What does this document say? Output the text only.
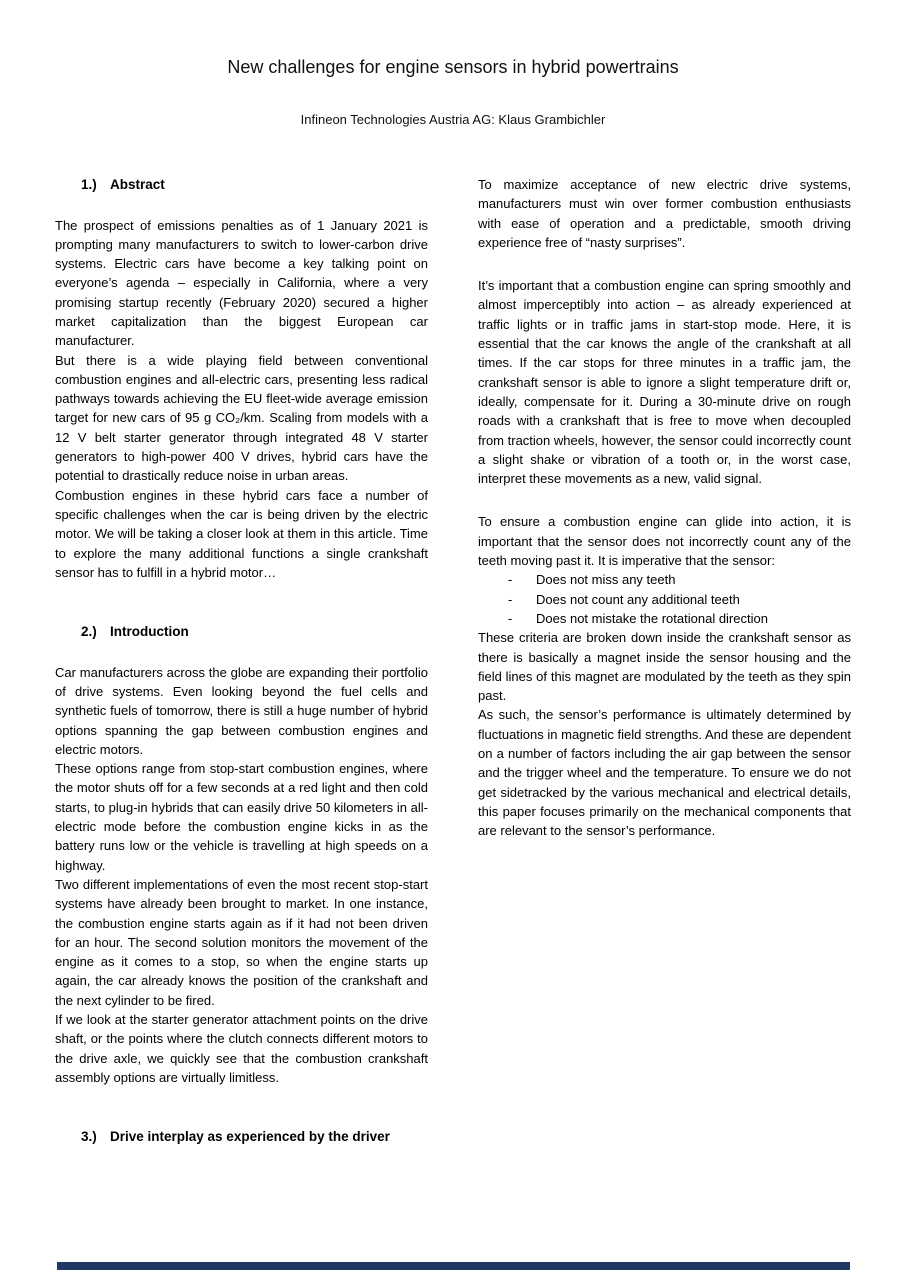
New challenges for engine sensors in hybrid powertrains
Infineon Technologies Austria AG: Klaus Grambichler
1.) Abstract

The prospect of emissions penalties as of 1 January 2021 is prompting many manufacturers to switch to lower-carbon drive systems. Electric cars have become a key talking point on everyone’s agenda – especially in California, where a very promising startup recently (February 2020) secured a higher market capitalization than the biggest European car manufacturer.

But there is a wide playing field between conventional combustion engines and all-electric cars, presenting less radical pathways towards achieving the EU fleet-wide average emission target for new cars of 95 g CO₂/km. Scaling from models with a 12 V belt starter generator through integrated 48 V starter generators to high-power 400 V drives, hybrid cars have the potential to drastically reduce noise in urban areas.

Combustion engines in these hybrid cars face a number of specific challenges when the car is being driven by the electric motor. We will be taking a closer look at them in this article. Time to explore the many additional functions a single crankshaft sensor has to fulfill in a hybrid motor…

2.) Introduction

Car manufacturers across the globe are expanding their portfolio of drive systems. Even looking beyond the fuel cells and synthetic fuels of tomorrow, there is still a huge number of hybrid options spanning the gap between combustion engines and electric motors.

These options range from stop-start combustion engines, where the motor shuts off for a few seconds at a red light and then cold starts, to plug-in hybrids that can easily drive 50 kilometers in all-electric mode before the combustion engine kicks in as the battery runs low or the vehicle is travelling at high speeds on a highway.

Two different implementations of even the most recent stop-start systems have already been brought to market. In one instance, the combustion engine starts again as if it had not been driven for an hour. The second solution monitors the movement of the engine as it comes to a stop, so when the engine starts up again, the car already knows the position of the crankshaft and the next cylinder to be fired.

If we look at the starter generator attachment points on the drive shaft, or the points where the clutch connects different motors to the drive axle, we quickly see that the combustion crankshaft assembly options are virtually limitless.

3.) Drive interplay as experienced by the driver

To maximize acceptance of new electric drive systems, manufacturers must win over former combustion enthusiasts with ease of operation and a predictable, smooth driving experience free of “nasty surprises”.

It’s important that a combustion engine can spring smoothly and almost imperceptibly into action – as already experienced at traffic lights or in traffic jams in start-stop mode. Here, it is essential that the car knows the angle of the crankshaft at all times. If the car stops for three minutes in a traffic jam, the crankshaft sensor is able to ignore a slight temperature drift or, ideally, compensate for it. During a 30-minute drive on rough roads with a crankshaft that is free to move when decoupled from traction wheels, however, the sensor could incorrectly count a slight shake or vibration of a tooth or, in the worst case, interpret these movements as a new, valid signal.

To ensure a combustion engine can glide into action, it is important that the sensor does not incorrectly count any of the teeth moving past it. It is imperative that the sensor:

-	Does not miss any teeth
-	Does not count any additional teeth
-	Does not mistake the rotational direction

These criteria are broken down inside the crankshaft sensor as there is basically a magnet inside the sensor housing and the field lines of this magnet are modulated by the teeth as they spin past.

As such, the sensor’s performance is ultimately determined by fluctuations in magnetic field strengths. And these are dependent on a number of factors including the air gap between the sensor and the trigger wheel and the temperature. To ensure we do not get sidetracked by the various mechanical and electrical details, this paper focuses primarily on the mechanical components that are relevant to the sensor’s performance.
